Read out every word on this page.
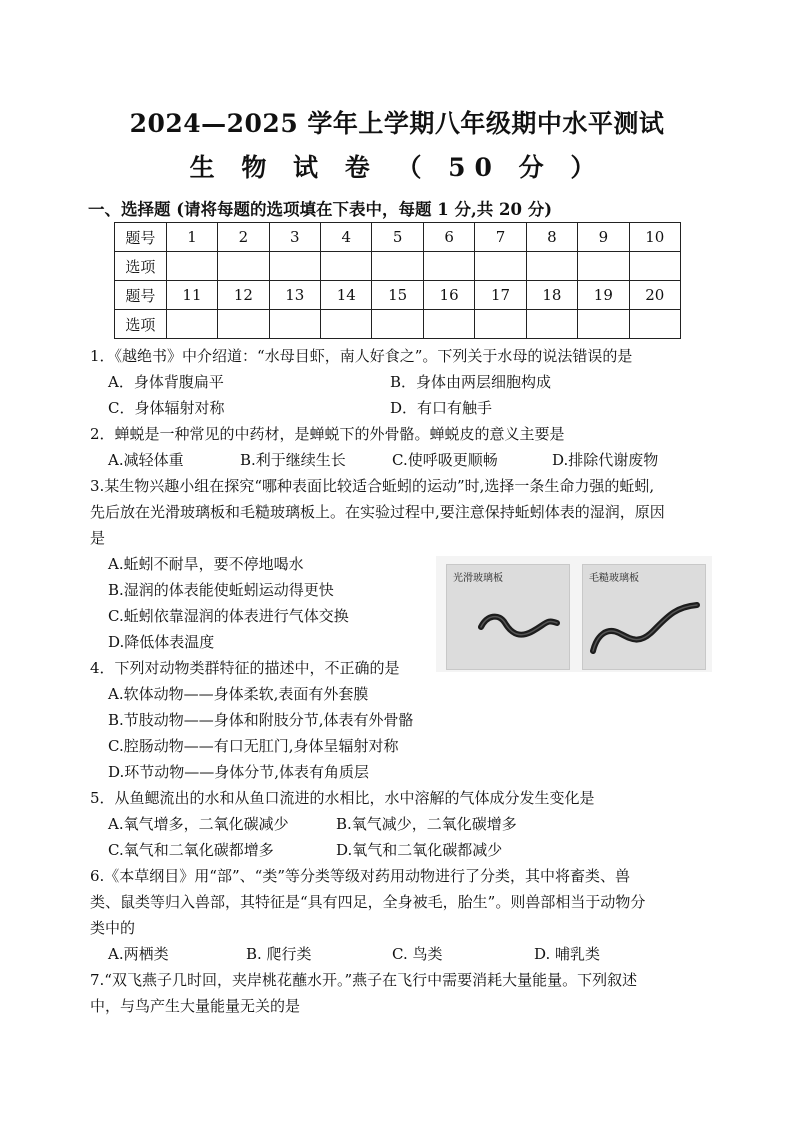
2024—2025 学年上学期八年级期中水平测试
生 物 试 卷 （ 50 分 ）
一、选择题 (请将每题的选项填在下表中，每题 1 分,共 20 分)
题号	1	2	3	4	5	6	7	8	9	10
选项										
题号	11	12	13	14	15	16	17	18	19	20
选项										
1．《越绝书》中介绍道：“水母目虾，南人好食之”。下列关于水母的说法错误的是
A．身体背腹扁平	B．身体由两层细胞构成
C．身体辐射对称	D．有口有触手
2．蝉蜕是一种常见的中药材，是蝉蜕下的外骨骼。蝉蜕皮的意义主要是
A.减轻体重	B.利于继续生长	C.使呼吸更顺畅	D.排除代谢废物
3.某生物兴趣小组在探究“哪种表面比较适合蚯蚓的运动”时,选择一条生命力强的蚯蚓,
先后放在光滑玻璃板和毛糙玻璃板上。在实验过程中,要注意保持蚯蚓体表的湿润，原因
是
A.蚯蚓不耐旱，要不停地喝水
B.湿润的体表能使蚯蚓运动得更快
C.蚯蚓依靠湿润的体表进行气体交换
D.降低体表温度
光滑玻璃板	毛糙玻璃板
4．下列对动物类群特征的描述中，不正确的是
A.软体动物——身体柔软,表面有外套膜
B.节肢动物——身体和附肢分节,体表有外骨骼
C.腔肠动物——有口无肛门,身体呈辐射对称
D.环节动物——身体分节,体表有角质层
5．从鱼鳃流出的水和从鱼口流进的水相比，水中溶解的气体成分发生变化是
A.氧气增多，二氧化碳减少	B.氧气减少，二氧化碳增多
C.氧气和二氧化碳都增多	D.氧气和二氧化碳都减少
6.《本草纲目》用“部”、“类”等分类等级对药用动物进行了分类，其中将畜类、兽
类、鼠类等归入兽部，其特征是“具有四足，全身被毛，胎生”。则兽部相当于动物分
类中的
A.两栖类	B. 爬行类	C. 鸟类	D. 哺乳类
7.“双飞燕子几时回，夹岸桃花蘸水开。”燕子在飞行中需要消耗大量能量。下列叙述
中，与鸟产生大量能量无关的是
